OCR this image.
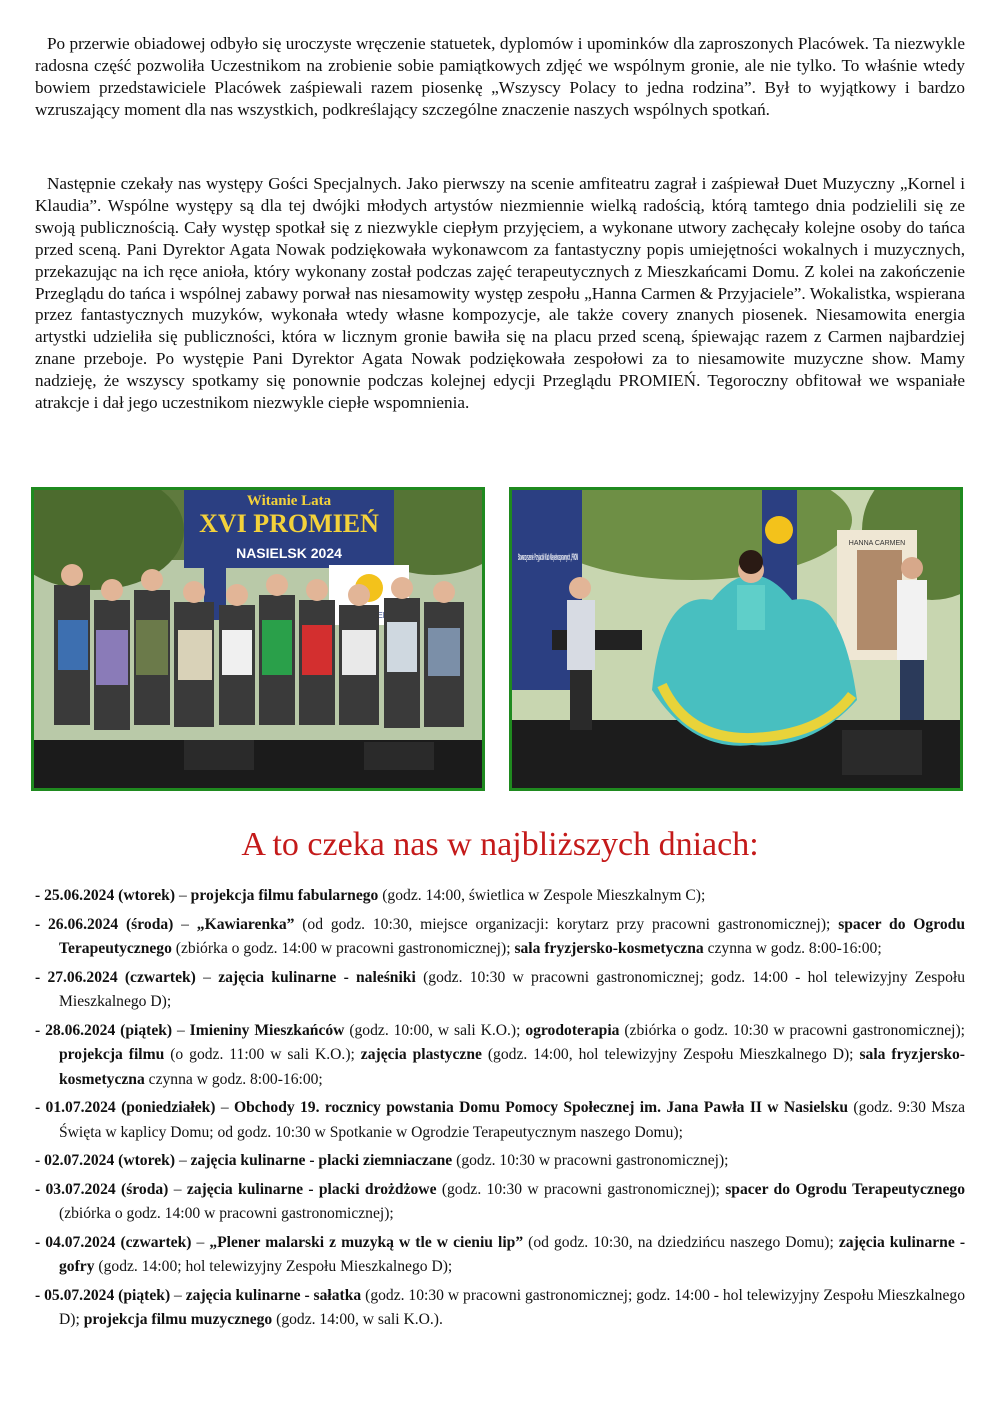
Po przerwie obiadowej odbyło się uroczyste wręczenie statuetek, dyplomów i upominków dla zaproszonych Placówek. Ta niezwykle radosna część pozwoliła Uczestnikom na zrobienie sobie pamiątkowych zdjęć we wspólnym gronie, ale nie tylko. To właśnie wtedy bowiem przedstawiciele Placówek zaśpiewali razem piosenkę „Wszyscy Polacy to jedna rodzina”. Był to wyjątkowy i bardzo wzruszający moment dla nas wszystkich, podkreślający szczególne znaczenie naszych wspólnych spotkań.

Następnie czekały nas występy Gości Specjalnych. Jako pierwszy na scenie amfiteatru zagrał i zaśpiewał Duet Muzyczny „Kornel i Klaudia”. Wspólne występy są dla tej dwójki młodych artystów niezmiennie wielką radością, którą tamtego dnia podzielili się ze swoją publicznością. Cały występ spotkał się z niezwykle ciepłym przyjęciem, a wykonane utwory zachęcały kolejne osoby do tańca przed sceną. Pani Dyrektor Agata Nowak podziękowała wykonawcom za fantastyczny popis umiejętności wokalnych i muzycznych, przekazując na ich ręce anioła, który wykonany został podczas zajęć terapeutycznych z Mieszkańcami Domu. Z kolei na zakończenie Przeglądu do tańca i wspólnej zabawy porwał nas niesamowity występ zespołu „Hanna Carmen & Przyjaciele”. Wokalistka, wspierana przez fantastycznych muzyków, wykonała wtedy własne kompozycje, ale także covery znanych piosenek. Niesamowita energia artystki udzieliła się publiczności, która w licznym gronie bawiła się na placu przed sceną, śpiewając razem z Carmen najbardziej znane przeboje. Po występie Pani Dyrektor Agata Nowak podziękowała zespołowi za to niesamowite muzyczne show. Mamy nadzieję, że wszyscy spotkamy się ponownie podczas kolejnej edycji Przeglądu PROMIEŃ. Tegoroczny obfitował we wspaniałe atrakcje i dał jego uczestnikom niezwykle ciepłe wspomnienia.

Witanie Lata
XVI PROMIEŃ
NASIELSK 2024	Stowarzyszenie Przyjaciół Klub Niepełnosprawnych „PROM
HANNA CARMEN
A to czeka nas w najbliższych dniach:
- 25.06.2024 (wtorek) – projekcja filmu fabularnego (godz. 14:00, świetlica w Zespole Mieszkalnym C);
- 26.06.2024 (środa) – „Kawiarenka” (od godz. 10:30, miejsce organizacji: korytarz przy pracowni gastronomicznej); spacer do Ogrodu Terapeutycznego (zbiórka o godz. 14:00 w pracowni gastronomicznej); sala fryzjersko-kosmetyczna czynna w godz. 8:00-16:00;
- 27.06.2024 (czwartek) – zajęcia kulinarne - naleśniki (godz. 10:30 w pracowni gastronomicznej; godz. 14:00 - hol telewizyjny Zespołu Mieszkalnego D);
- 28.06.2024 (piątek) – Imieniny Mieszkańców (godz. 10:00, w sali K.O.); ogrodoterapia (zbiórka o godz. 10:30 w pracowni gastronomicznej); projekcja filmu (o godz. 11:00 w sali K.O.); zajęcia plastyczne (godz. 14:00, hol telewizyjny Zespołu Mieszkalnego D); sala fryzjersko-kosmetyczna czynna w godz. 8:00-16:00;
- 01.07.2024 (poniedziałek) – Obchody 19. rocznicy powstania Domu Pomocy Społecznej im. Jana Pawła II w Nasielsku (godz. 9:30 Msza Święta w kaplicy Domu; od godz. 10:30 w Spotkanie w Ogrodzie Terapeutycznym naszego Domu);
- 02.07.2024 (wtorek) – zajęcia kulinarne - placki ziemniaczane (godz. 10:30 w pracowni gastronomicznej);
- 03.07.2024 (środa) – zajęcia kulinarne - placki drożdżowe (godz. 10:30 w pracowni gastronomicznej); spacer do Ogrodu Terapeutycznego (zbiórka o godz. 14:00 w pracowni gastronomicznej);
- 04.07.2024 (czwartek) – „Plener malarski z muzyką w tle w cieniu lip” (od godz. 10:30, na dziedzińcu naszego Domu); zajęcia kulinarne - gofry (godz. 14:00; hol telewizyjny Zespołu Mieszkalnego D);
- 05.07.2024 (piątek) – zajęcia kulinarne - sałatka (godz. 10:30 w pracowni gastronomicznej; godz. 14:00 - hol telewizyjny Zespołu Mieszkalnego D); projekcja filmu muzycznego (godz. 14:00, w sali K.O.).
